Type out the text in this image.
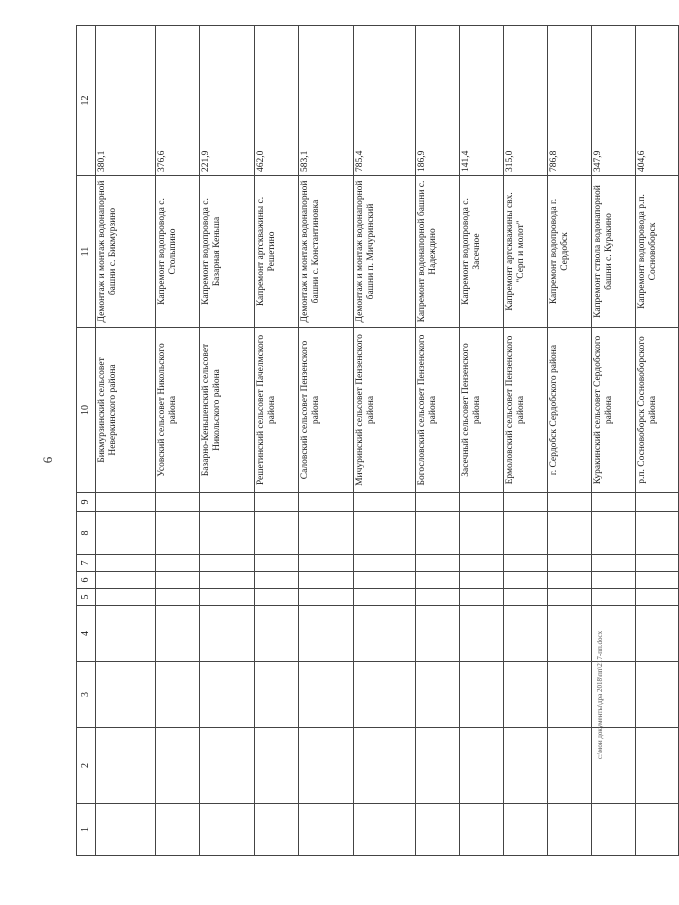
6
1	2	3	4	5	6	7	8	9	10	11	12
									Бикмурзинский сельсовет Неверкинского района	Демонтаж и монтаж водонапорной башни с. Бикмурзино	380,1
									Усовский сельсовет Никольского района	Капремонт водопровода с. Столыпино	376,6
									Базарно-Кеньшенский сельсовет Никольского района	Капремонт водопровода с. Базарная Кеньша	221,9
									Решетинский сельсовет Пачелмского района	Капремонт артскважины с. Решетино	462,0
									Саловский сельсовет Пензенского района	Демонтаж и монтаж водонапорной башни с. Константиновка	583,1
									Мичуринский сельсовет Пензенского района	Демонтаж и монтаж водонапорной башни п. Мичуринский	785,4
									Богословский сельсовет Пензенского района	Капремонт водонапорной башни с. Надеждино	186,9
									Засечный сельсовет Пензенского района	Капремонт водопровода с. Засечное	141,4
									Ермоловский сельсовет Пензенского района	Капремонт артскважины свх. "Серп и молот"	315,0
									г. Сердобск Сердобского района	Капремонт водопровода г. Сердобск	786,8
									Куракинский сельсовет Сердобского района	Капремонт ствола водонапорной башни с. Куракино	347,9
									р.п. Сосновоборск Сосновоборского района	Капремонт водопровода р.п. Сосновоборск	404,6
c:\мои документы\дра 2018\пп\217-пп.docx
